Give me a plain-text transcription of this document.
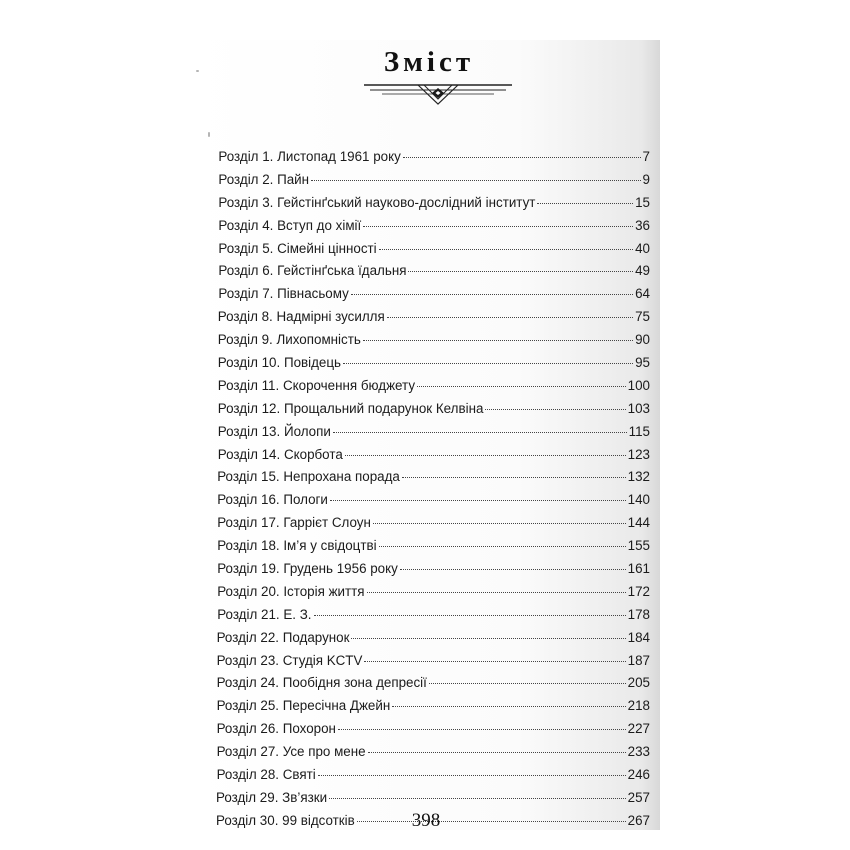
Зміст
Розділ 1. Листопад 1961 року	7
Розділ 2. Пайн	9
Розділ 3. Гейстінґський науково-дослідний інститут	15
Розділ 4. Вступ до хімії	36
Розділ 5. Сімейні цінності	40
Розділ 6. Гейстінґська їдальня	49
Розділ 7. Півнасьому	64
Розділ 8. Надмірні зусилля	75
Розділ 9. Лихопомність	90
Розділ 10. Повідець	95
Розділ 11. Скорочення бюджету	100
Розділ 12. Прощальний подарунок Келвіна	103
Розділ 13. Йолопи	115
Розділ 14. Скорбота	123
Розділ 15. Непрохана порада	132
Розділ 16. Пологи	140
Розділ 17. Гаррієт Слоун	144
Розділ 18. Ім’я у свідоцтві	155
Розділ 19. Грудень 1956 року	161
Розділ 20. Історія життя	172
Розділ 21. Е. З.	178
Розділ 22. Подарунок	184
Розділ 23. Студія KCTV	187
Розділ 24. Пообідня зона депресії	205
Розділ 25. Пересічна Джейн	218
Розділ 26. Похорон	227
Розділ 27. Усе про мене	233
Розділ 28. Святі	246
Розділ 29. Зв’язки	257
Розділ 30. 99 відсотків	267
398
